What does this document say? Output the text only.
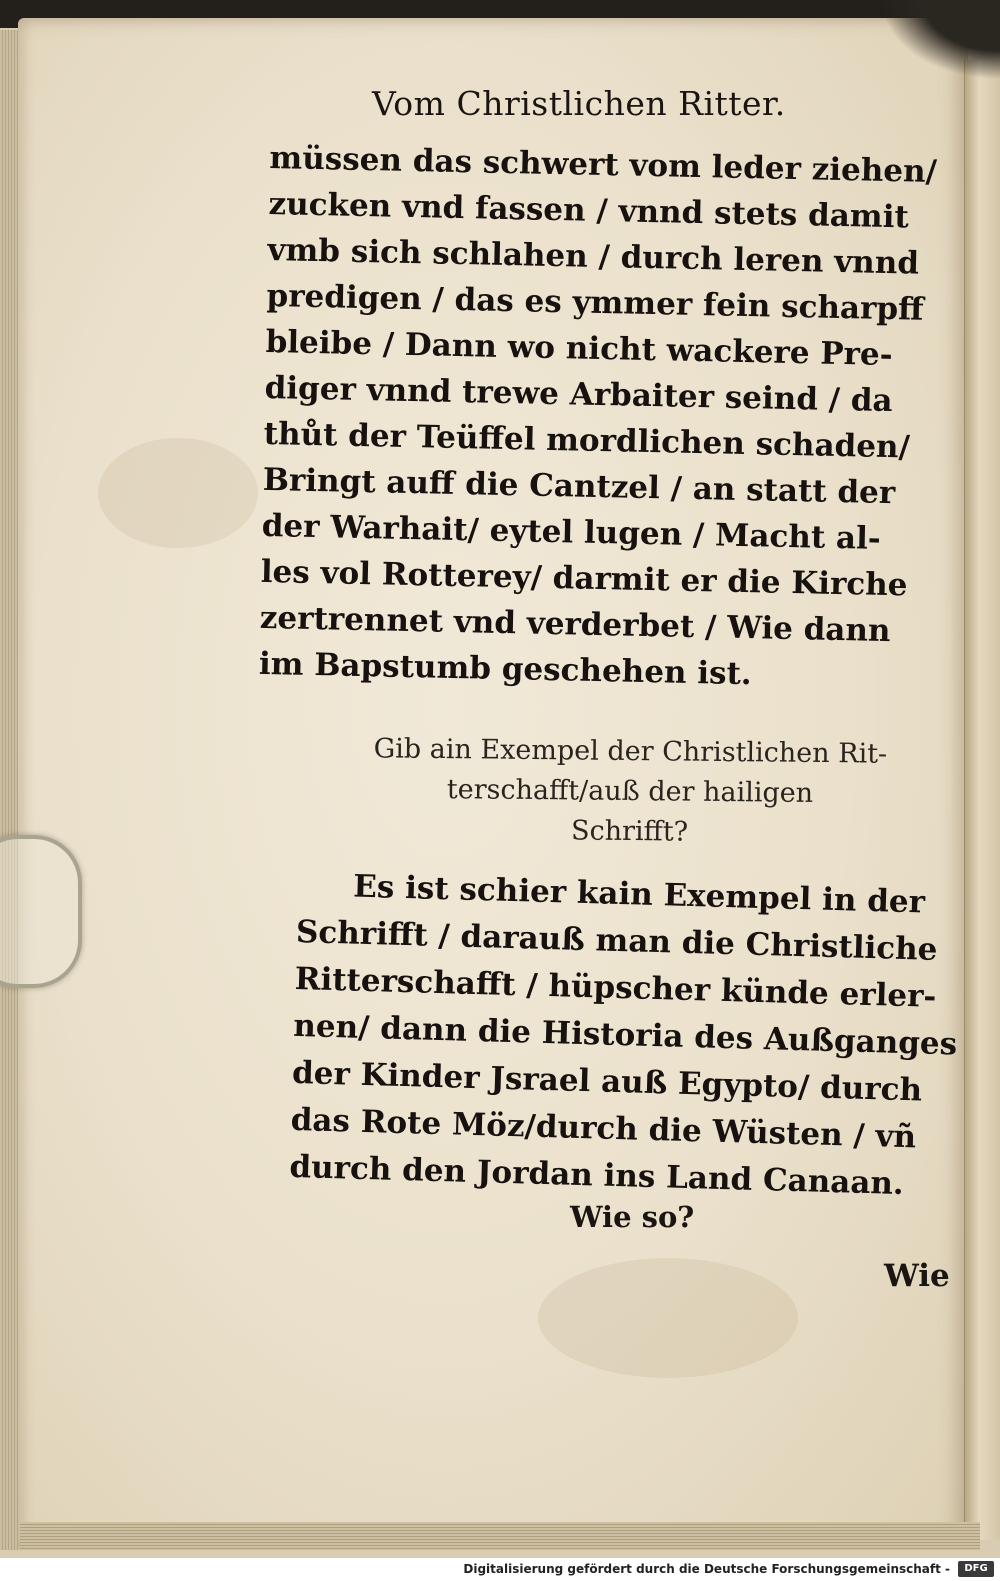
Vom Christlichen Ritter.
müssen das schwert vom leder ziehen/
zucken vnd fassen / vnnd stets damit
vmb sich schlahen / durch leren vnnd
predigen / das es ymmer fein scharpff
bleibe / Dann wo nicht wackere Pre-
diger vnnd trewe Arbaiter seind / da
thůt der Teüffel mordlichen schaden/
Bringt auff die Cantzel / an statt der
der Warhait/ eytel lugen / Macht al-
les vol Rotterey/ darmit er die Kirche
zertrennet vnd verderbet / Wie dann
im Bapstumb geschehen ist.
Gib ain Exempel der Christlichen Rit-
terschafft/auß der hailigen
Schrifft?
Es ist schier kain Exempel in der
Schrifft / darauß man die Christliche
Ritterschafft / hüpscher künde erler-
nen/ dann die Historia des Außganges
der Kinder Jsrael auß Egypto/ durch
das Rote Möz/durch die Wüsten / vñ
durch den Jordan ins Land Canaan.
Wie so?
Wie
Digitalisierung gefördert durch die Deutsche Forschungsgemeinschaft -	DFG
